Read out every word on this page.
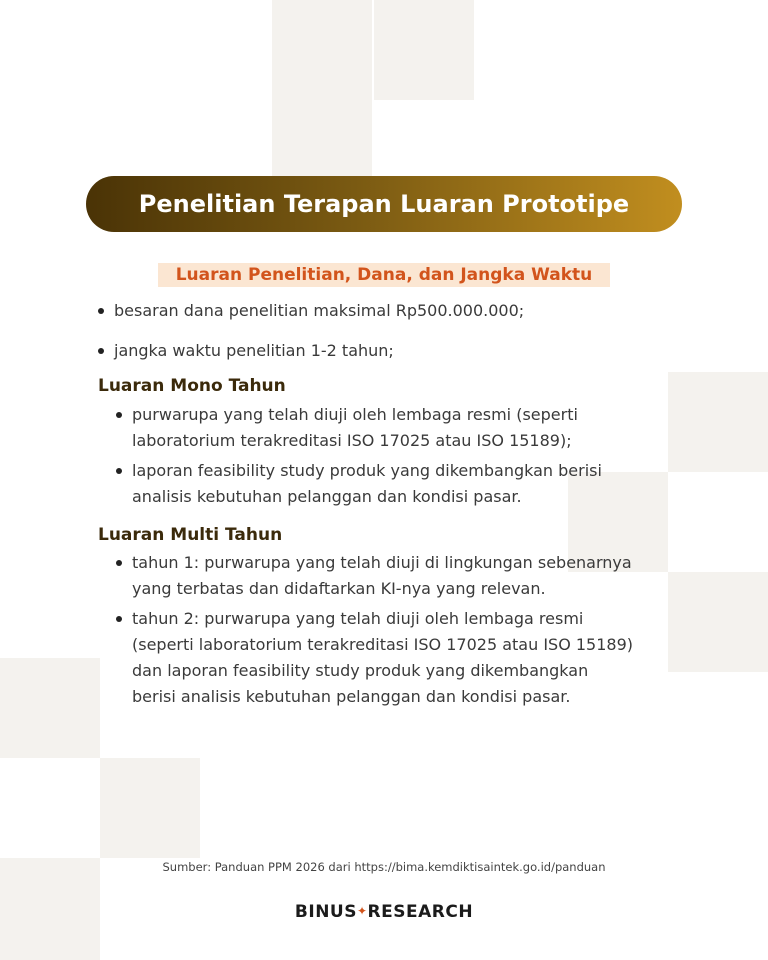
Penelitian Terapan Luaran Prototipe
Luaran Penelitian, Dana, dan Jangka Waktu
besaran dana penelitian maksimal Rp500.000.000;
jangka waktu penelitian 1-2 tahun;
Luaran Mono Tahun
purwarupa yang telah diuji oleh lembaga resmi (seperti
laboratorium terakreditasi ISO 17025 atau ISO 15189);
laporan feasibility study produk yang dikembangkan berisi
analisis kebutuhan pelanggan dan kondisi pasar.
Luaran Multi Tahun
tahun 1: purwarupa yang telah diuji di lingkungan sebenarnya
yang terbatas dan didaftarkan KI-nya yang relevan.
tahun 2: purwarupa yang telah diuji oleh lembaga resmi
(seperti laboratorium terakreditasi ISO 17025 atau ISO 15189)
dan laporan feasibility study produk yang dikembangkan
berisi analisis kebutuhan pelanggan dan kondisi pasar.
Sumber: Panduan PPM 2026 dari https://bima.kemdiktisaintek.go.id/panduan
BINUS✦RESEARCH
